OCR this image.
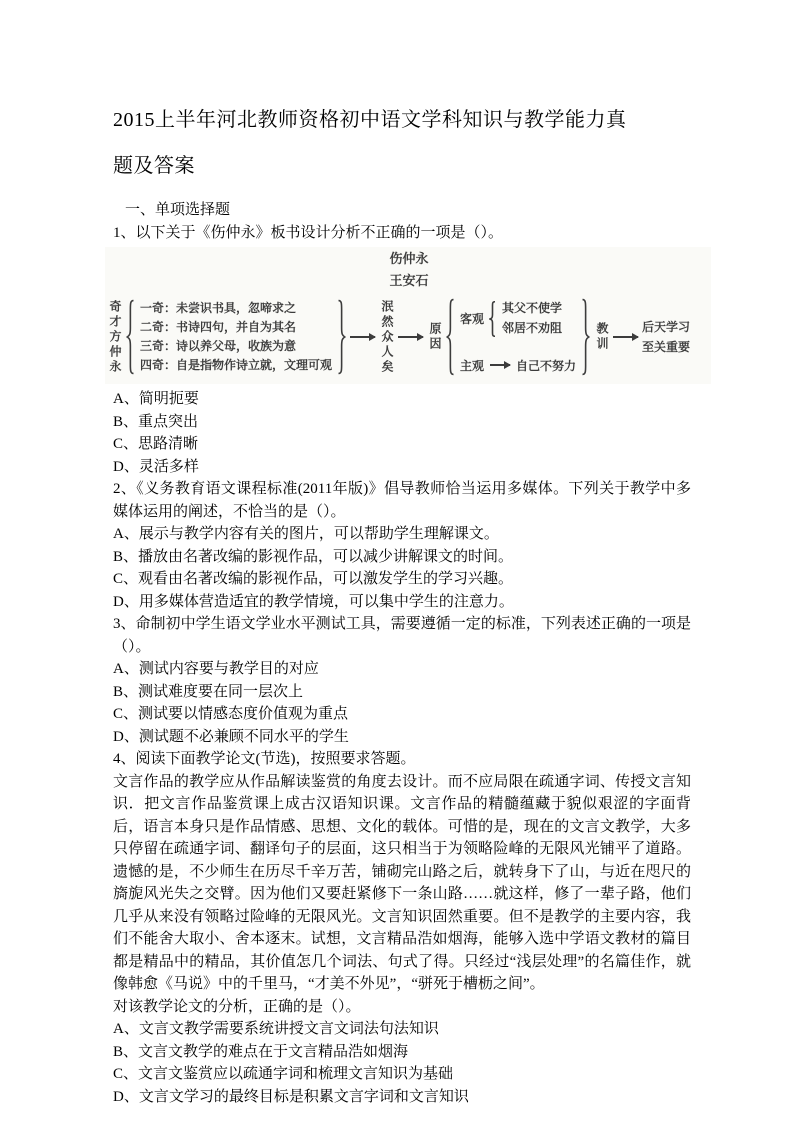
2015上半年河北教师资格初中语文学科知识与教学能力真
题及答案
一、单项选择题
1、以下关于《伤仲永》板书设计分析不正确的一项是（）。
伤仲永
王安石
奇才方仲永 一奇：未尝识书具，忽啼求之
二奇：书诗四句，并自为其名
三奇：诗以养父母，收族为意
四奇：自是指物作诗立就，文理可观	泯然众人矣	原因
客观
其父不使学
邻居不劝阻
主观	自己不努力
教训	后天学习
至关重要
A、简明扼要
B、重点突出
C、思路清晰
D、灵活多样
2、《义务教育语文课程标准(2011年版)》倡导教师恰当运用多媒体。下列关于教学中多媒体运用的阐述，不恰当的是（）。
A、展示与教学内容有关的图片，可以帮助学生理解课文。
B、播放由名著改编的影视作品，可以减少讲解课文的时间。
C、观看由名著改编的影视作品，可以激发学生的学习兴趣。
D、用多媒体营造适宜的教学情境，可以集中学生的注意力。
3、命制初中学生语文学业水平测试工具，需要遵循一定的标准，下列表述正确的一项是（）。
A、测试内容要与教学目的对应
B、测试难度要在同一层次上
C、测试要以情感态度价值观为重点
D、测试题不必兼顾不同水平的学生
4、阅读下面教学论文(节选)，按照要求答题。
文言作品的教学应从作品解读鉴赏的角度去设计。而不应局限在疏通字词、传授文言知识．把文言作品鉴赏课上成古汉语知识课。文言作品的精髓蕴藏于貌似艰涩的字面背后，语言本身只是作品情感、思想、文化的载体。可惜的是，现在的文言文教学，大多只停留在疏通字词、翻译句子的层面，这只相当于为领略险峰的无限风光铺平了道路。遗憾的是，不少师生在历尽千辛万苦，铺砌完山路之后，就转身下了山，与近在咫尺的旖旎风光失之交臂。因为他们又要赶紧修下一条山路……就这样，修了一辈子路，他们几乎从来没有领略过险峰的无限风光。文言知识固然重要。但不是教学的主要内容，我们不能舍大取小、舍本逐末。试想，文言精品浩如烟海，能够入选中学语文教材的篇目都是精品中的精品，其价值怎几个词法、句式了得。只经过“浅层处理”的名篇佳作，就像韩愈《马说》中的千里马，“才美不外见”，“骈死于槽枥之间”。
对该教学论文的分析，正确的是（）。
A、文言文教学需要系统讲授文言文词法句法知识
B、文言文教学的难点在于文言精品浩如烟海
C、文言文鉴赏应以疏通字词和梳理文言知识为基础
D、文言文学习的最终目标是积累文言字词和文言知识
